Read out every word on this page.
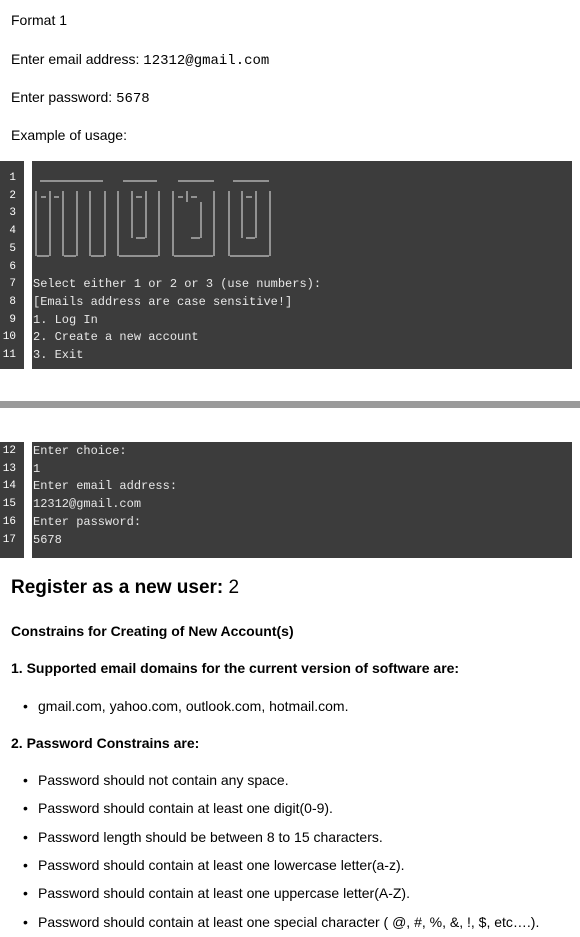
Format 1
Enter email address: 12312@gmail.com
Enter password: 5678
Example of usage:
1
2
3
4
5
6
7 Select either 1 or 2 or 3 (use numbers):
8 [Emails address are case sensitive!]
9 1. Log In
10 2. Create a new account
11 3. Exit
12 Enter choice:
13 1
14 Enter email address:
15 12312@gmail.com
16 Enter password:
17 5678
Register as a new user: 2
Constrains for Creating of New Account(s)
1. Supported email domains for the current version of software are:
gmail.com, yahoo.com, outlook.com, hotmail.com.
2. Password Constrains are:
Password should not contain any space.
Password should contain at least one digit(0-9).
Password length should be between 8 to 15 characters.
Password should contain at least one lowercase letter(a-z).
Password should contain at least one uppercase letter(A-Z).
Password should contain at least one special character ( @, #, %, &, !, $, etc….).
